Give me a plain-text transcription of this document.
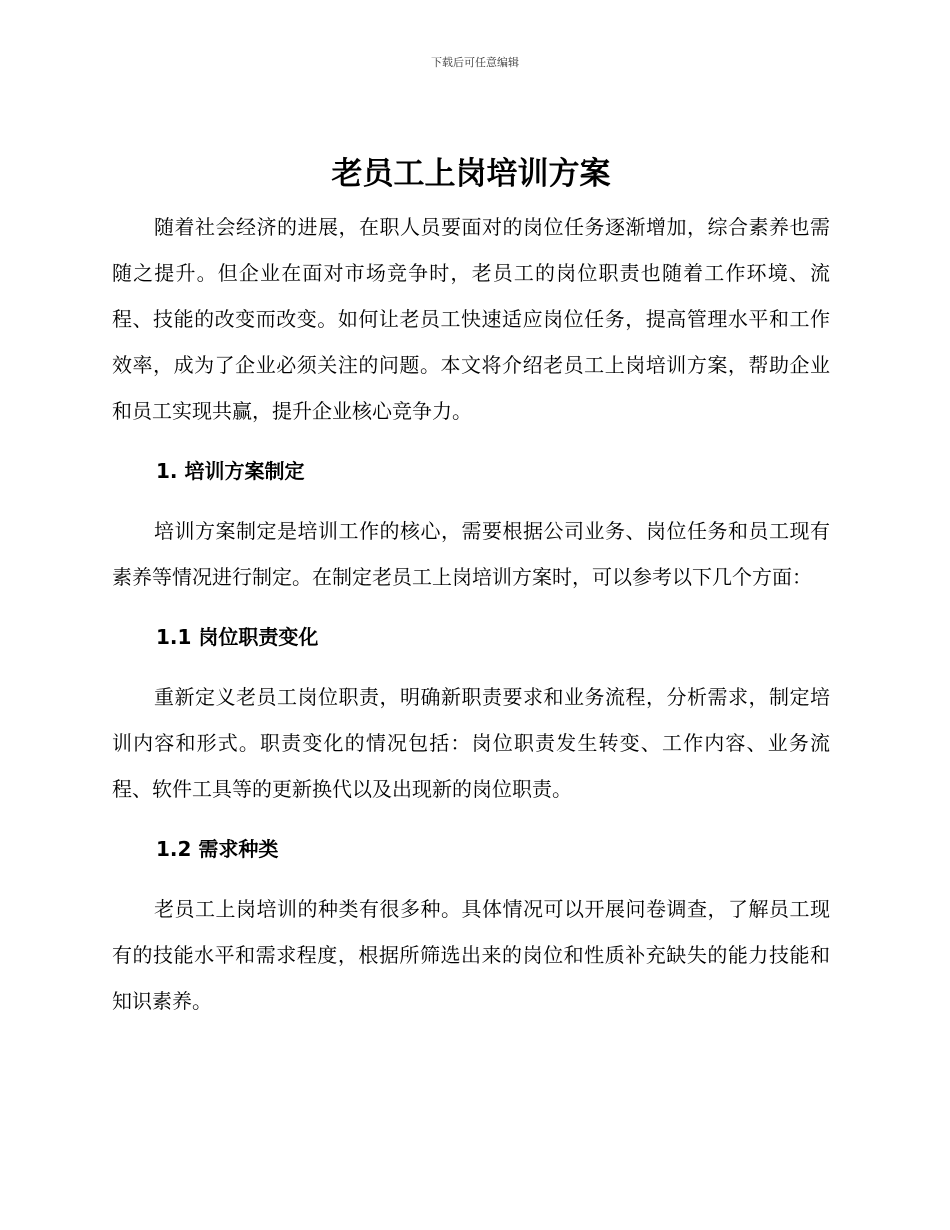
下载后可任意编辑
老员工上岗培训方案

随着社会经济的进展，在职人员要面对的岗位任务逐渐增加，综合素养也需随之提升。但企业在面对市场竞争时，老员工的岗位职责也随着工作环境、流程、技能的改变而改变。如何让老员工快速适应岗位任务，提高管理水平和工作效率，成为了企业必须关注的问题。本文将介绍老员工上岗培训方案，帮助企业和员工实现共赢，提升企业核心竞争力。

1. 培训方案制定

培训方案制定是培训工作的核心，需要根据公司业务、岗位任务和员工现有素养等情况进行制定。在制定老员工上岗培训方案时，可以参考以下几个方面：

1.1 岗位职责变化

重新定义老员工岗位职责，明确新职责要求和业务流程，分析需求，制定培训内容和形式。职责变化的情况包括：岗位职责发生转变、工作内容、业务流程、软件工具等的更新换代以及出现新的岗位职责。

1.2 需求种类

老员工上岗培训的种类有很多种。具体情况可以开展问卷调查，了解员工现有的技能水平和需求程度，根据所筛选出来的岗位和性质补充缺失的能力技能和知识素养。
